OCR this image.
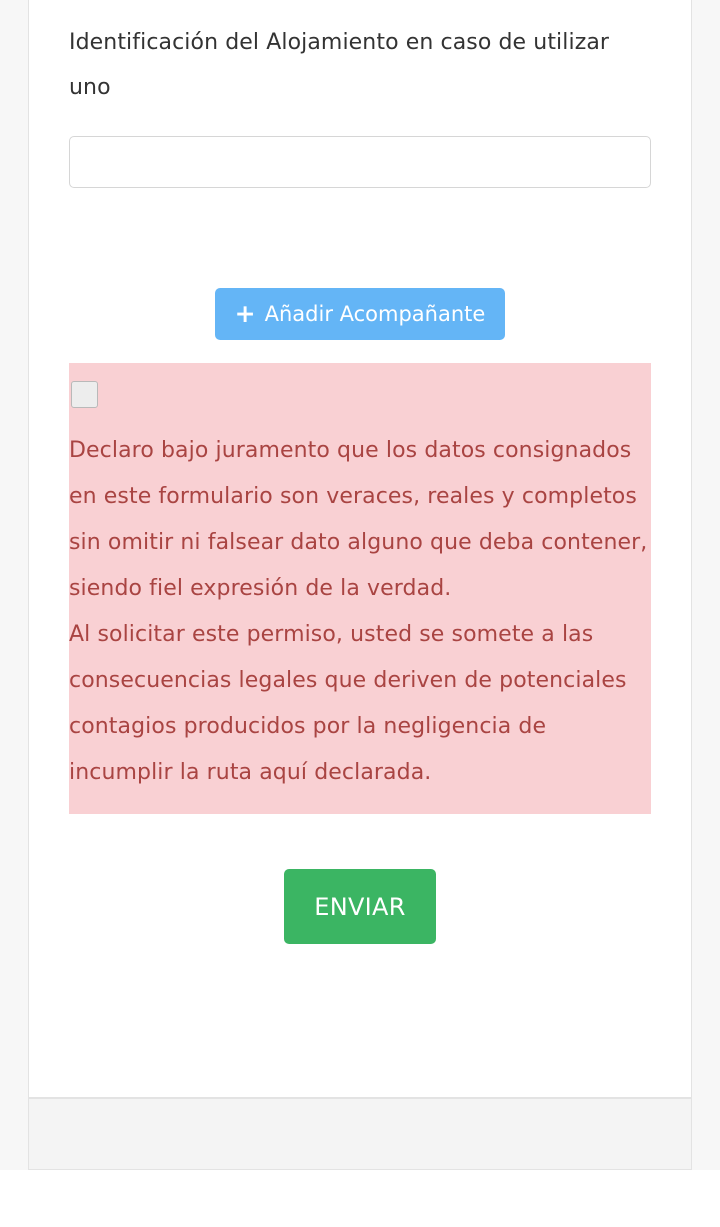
Identificación del Alojamiento en caso de utilizar uno
+ Añadir Acompañante

Declaro bajo juramento que los datos consignados en este formulario son veraces, reales y completos sin omitir ni falsear dato alguno que deba contener, siendo fiel expresión de la verdad.

Al solicitar este permiso, usted se somete a las consecuencias legales que deriven de potenciales contagios producidos por la negligencia de incumplir la ruta aquí declarada.

ENVIAR
